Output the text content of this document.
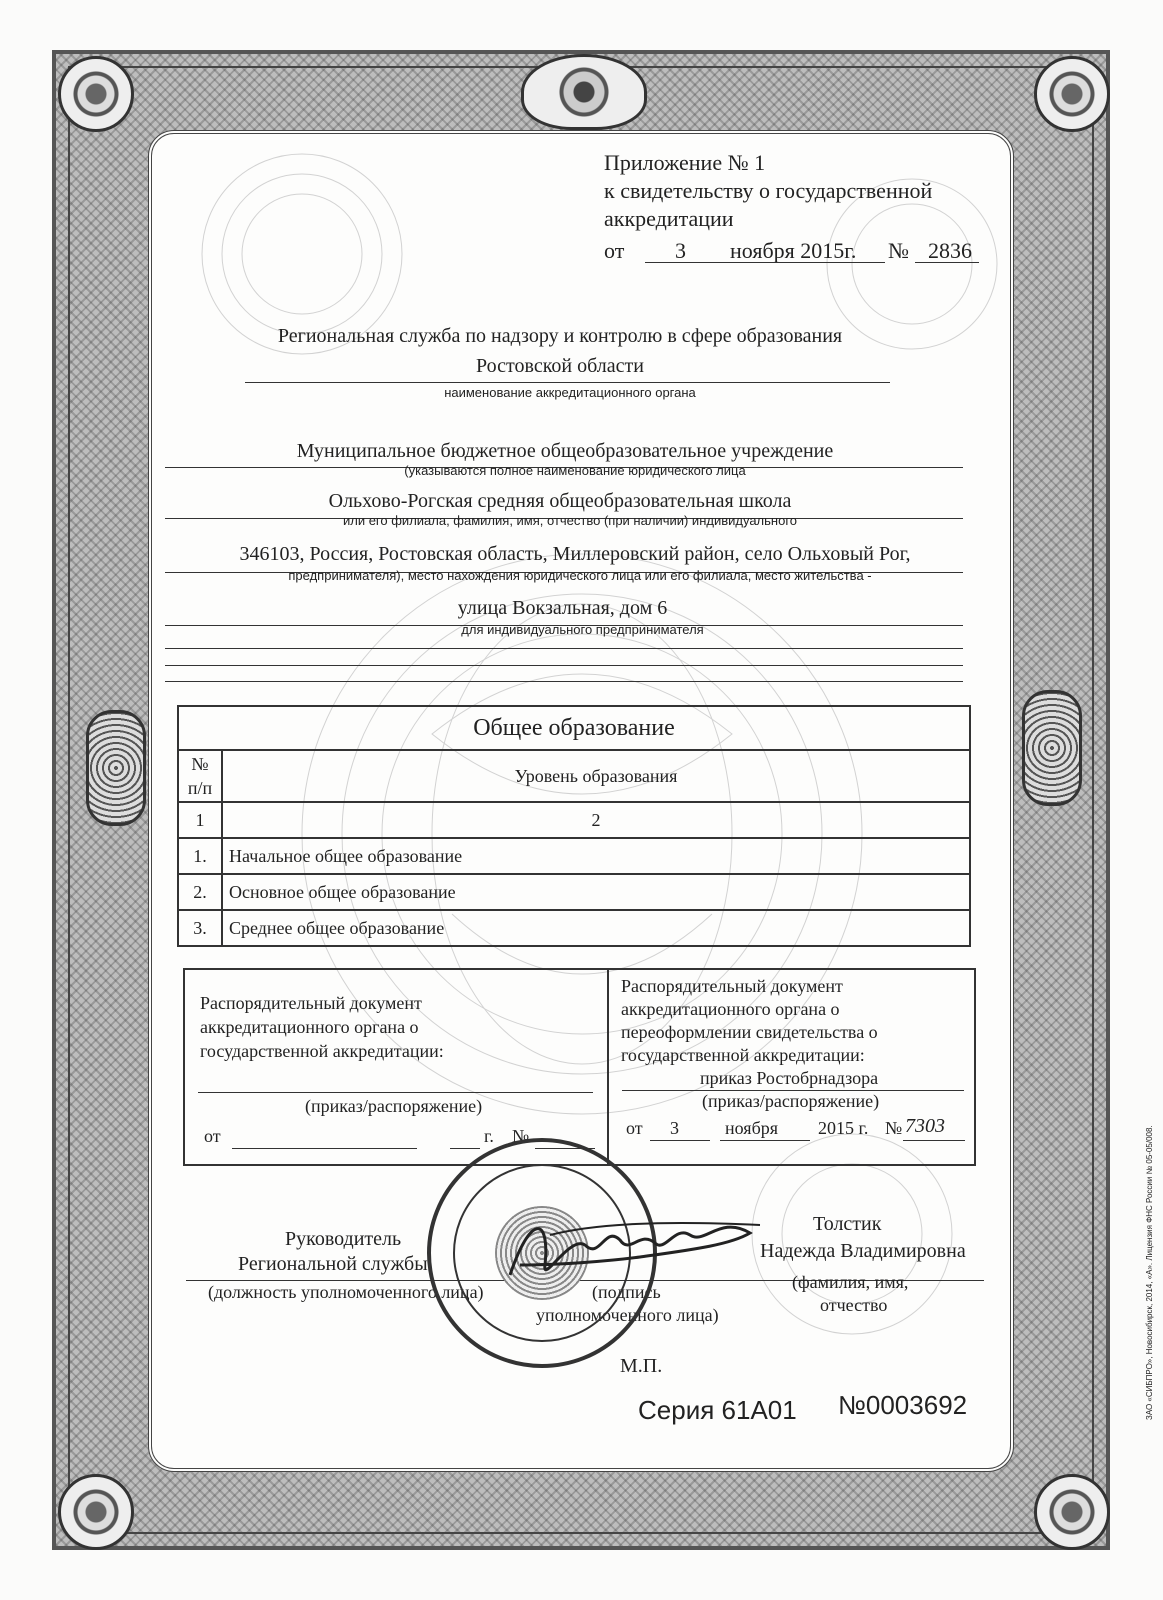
Приложение № 1
к свидетельству о государственной
аккредитации
от 3 ноября 2015г. № 2836
Региональная служба по надзору и контролю в сфере образования
Ростовской области
наименование аккредитационного органа
Муниципальное бюджетное общеобразовательное учреждение
(указываются полное наименование юридического лица
Ольхово-Рогская средняя общеобразовательная школа
или его филиала, фамилия, имя, отчество (при наличии) индивидуального
346103, Россия, Ростовская область, Миллеровский район, село Ольховый Рог,
предпринимателя), место нахождения юридического лица или его филиала, место жительства -
улица Вокзальная, дом 6
для индивидуального предпринимателя
Общее образование	

№
п/п	Уровень образования
1	2
1.	Начальное общее образование
2.	Основное общее образование
3.	Среднее общее образование
Распорядительный документ
аккредитационного органа о
государственной аккредитации:
(приказ/распоряжение)
от	г. №
Распорядительный документ
аккредитационного органа о
переоформлении свидетельства о
государственной аккредитации:
приказ Ростобрнадзора
(приказ/распоряжение)
от 3	ноября 2015 г. № 7303
Руководитель
Региональной службы
(должность уполномоченного лица)	(подпись
уполномоченного лица)
Толстик
Надежда Владимировна
(фамилия, имя,
отчество
М.П.
Серия 61А01 №0003692	ЗАО «СИБПРО», Новосибирск, 2014, «А». Лицензия ФНС России № 05-05/008.
